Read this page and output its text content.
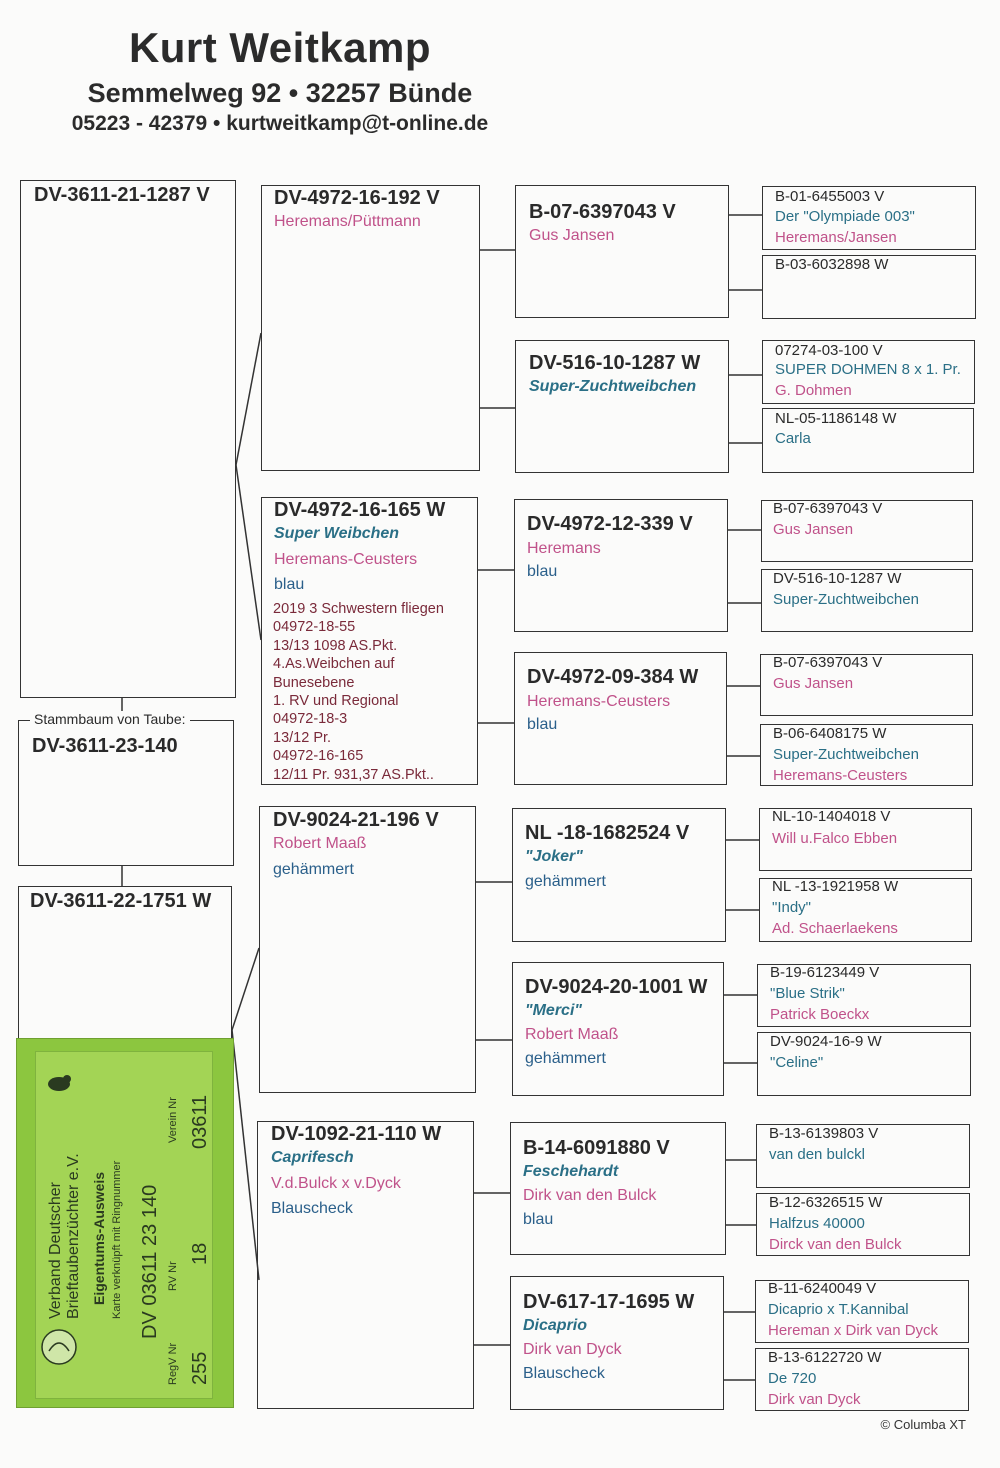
Kurt Weitkamp
Semmelweg 92 • 32257 Bünde
05223 - 42379 • kurtweitkamp@t-online.de
DV-3611-21-1287 V
Stammbaum von Taube:
DV-3611-23-140
DV-3611-22-1751 W
DV-4972-16-192 V
Heremans/Püttmann
DV-4972-16-165 W
Super Weibchen
Heremans-Ceusters
blau
2019 3 Schwestern fliegen
04972-18-55
13/13 1098 AS.Pkt.
4.As.Weibchen auf
Bunesebene
1. RV und Regional
04972-18-3
13/12 Pr.
04972-16-165
12/11 Pr. 931,37 AS.Pkt..
DV-9024-21-196 V
Robert Maaß
gehämmert
DV-1092-21-110 W
Caprifesch
V.d.Bulck x v.Dyck
Blauscheck
B-07-6397043 V
Gus Jansen
DV-516-10-1287 W
Super-Zuchtweibchen
DV-4972-12-339 V
Heremans
blau
DV-4972-09-384 W
Heremans-Ceusters
blau
NL -18-1682524 V
"Joker"
gehämmert
DV-9024-20-1001 W
"Merci"
Robert Maaß
gehämmert
B-14-6091880 V
Feschehardt
Dirk van den Bulck
blau
DV-617-17-1695 W
Dicaprio
Dirk van Dyck
Blauscheck
B-01-6455003 V
Der "Olympiade 003"
Heremans/Jansen
B-03-6032898 W
07274-03-100 V
SUPER DOHMEN 8 x 1. Pr.
G. Dohmen
NL-05-1186148 W
Carla
B-07-6397043 V
Gus Jansen
DV-516-10-1287 W
Super-Zuchtweibchen
B-07-6397043 V
Gus Jansen
B-06-6408175 W
Super-Zuchtweibchen
Heremans-Ceusters
NL-10-1404018 V
Will u.Falco Ebben
NL -13-1921958 W
"Indy"
Ad. Schaerlaekens
B-19-6123449 V
"Blue Strik"
Patrick Boeckx
DV-9024-16-9 W
"Celine"
B-13-6139803 V
van den bulckl
B-12-6326515 W
Halfzus 40000
Dirck van den Bulck
B-11-6240049 V
Dicaprio x T.Kannibal
Hereman x Dirk van Dyck
B-13-6122720 W
De 720
Dirk van Dyck
Verband Deutscher Brieftaubenzüchter e.V. Eigentums-Ausweis Karte verknüpft mit Ringnummer DV 03611 23 140
RegV Nr 255
RV Nr
18
Verein Nr 03611
© Columba XT
